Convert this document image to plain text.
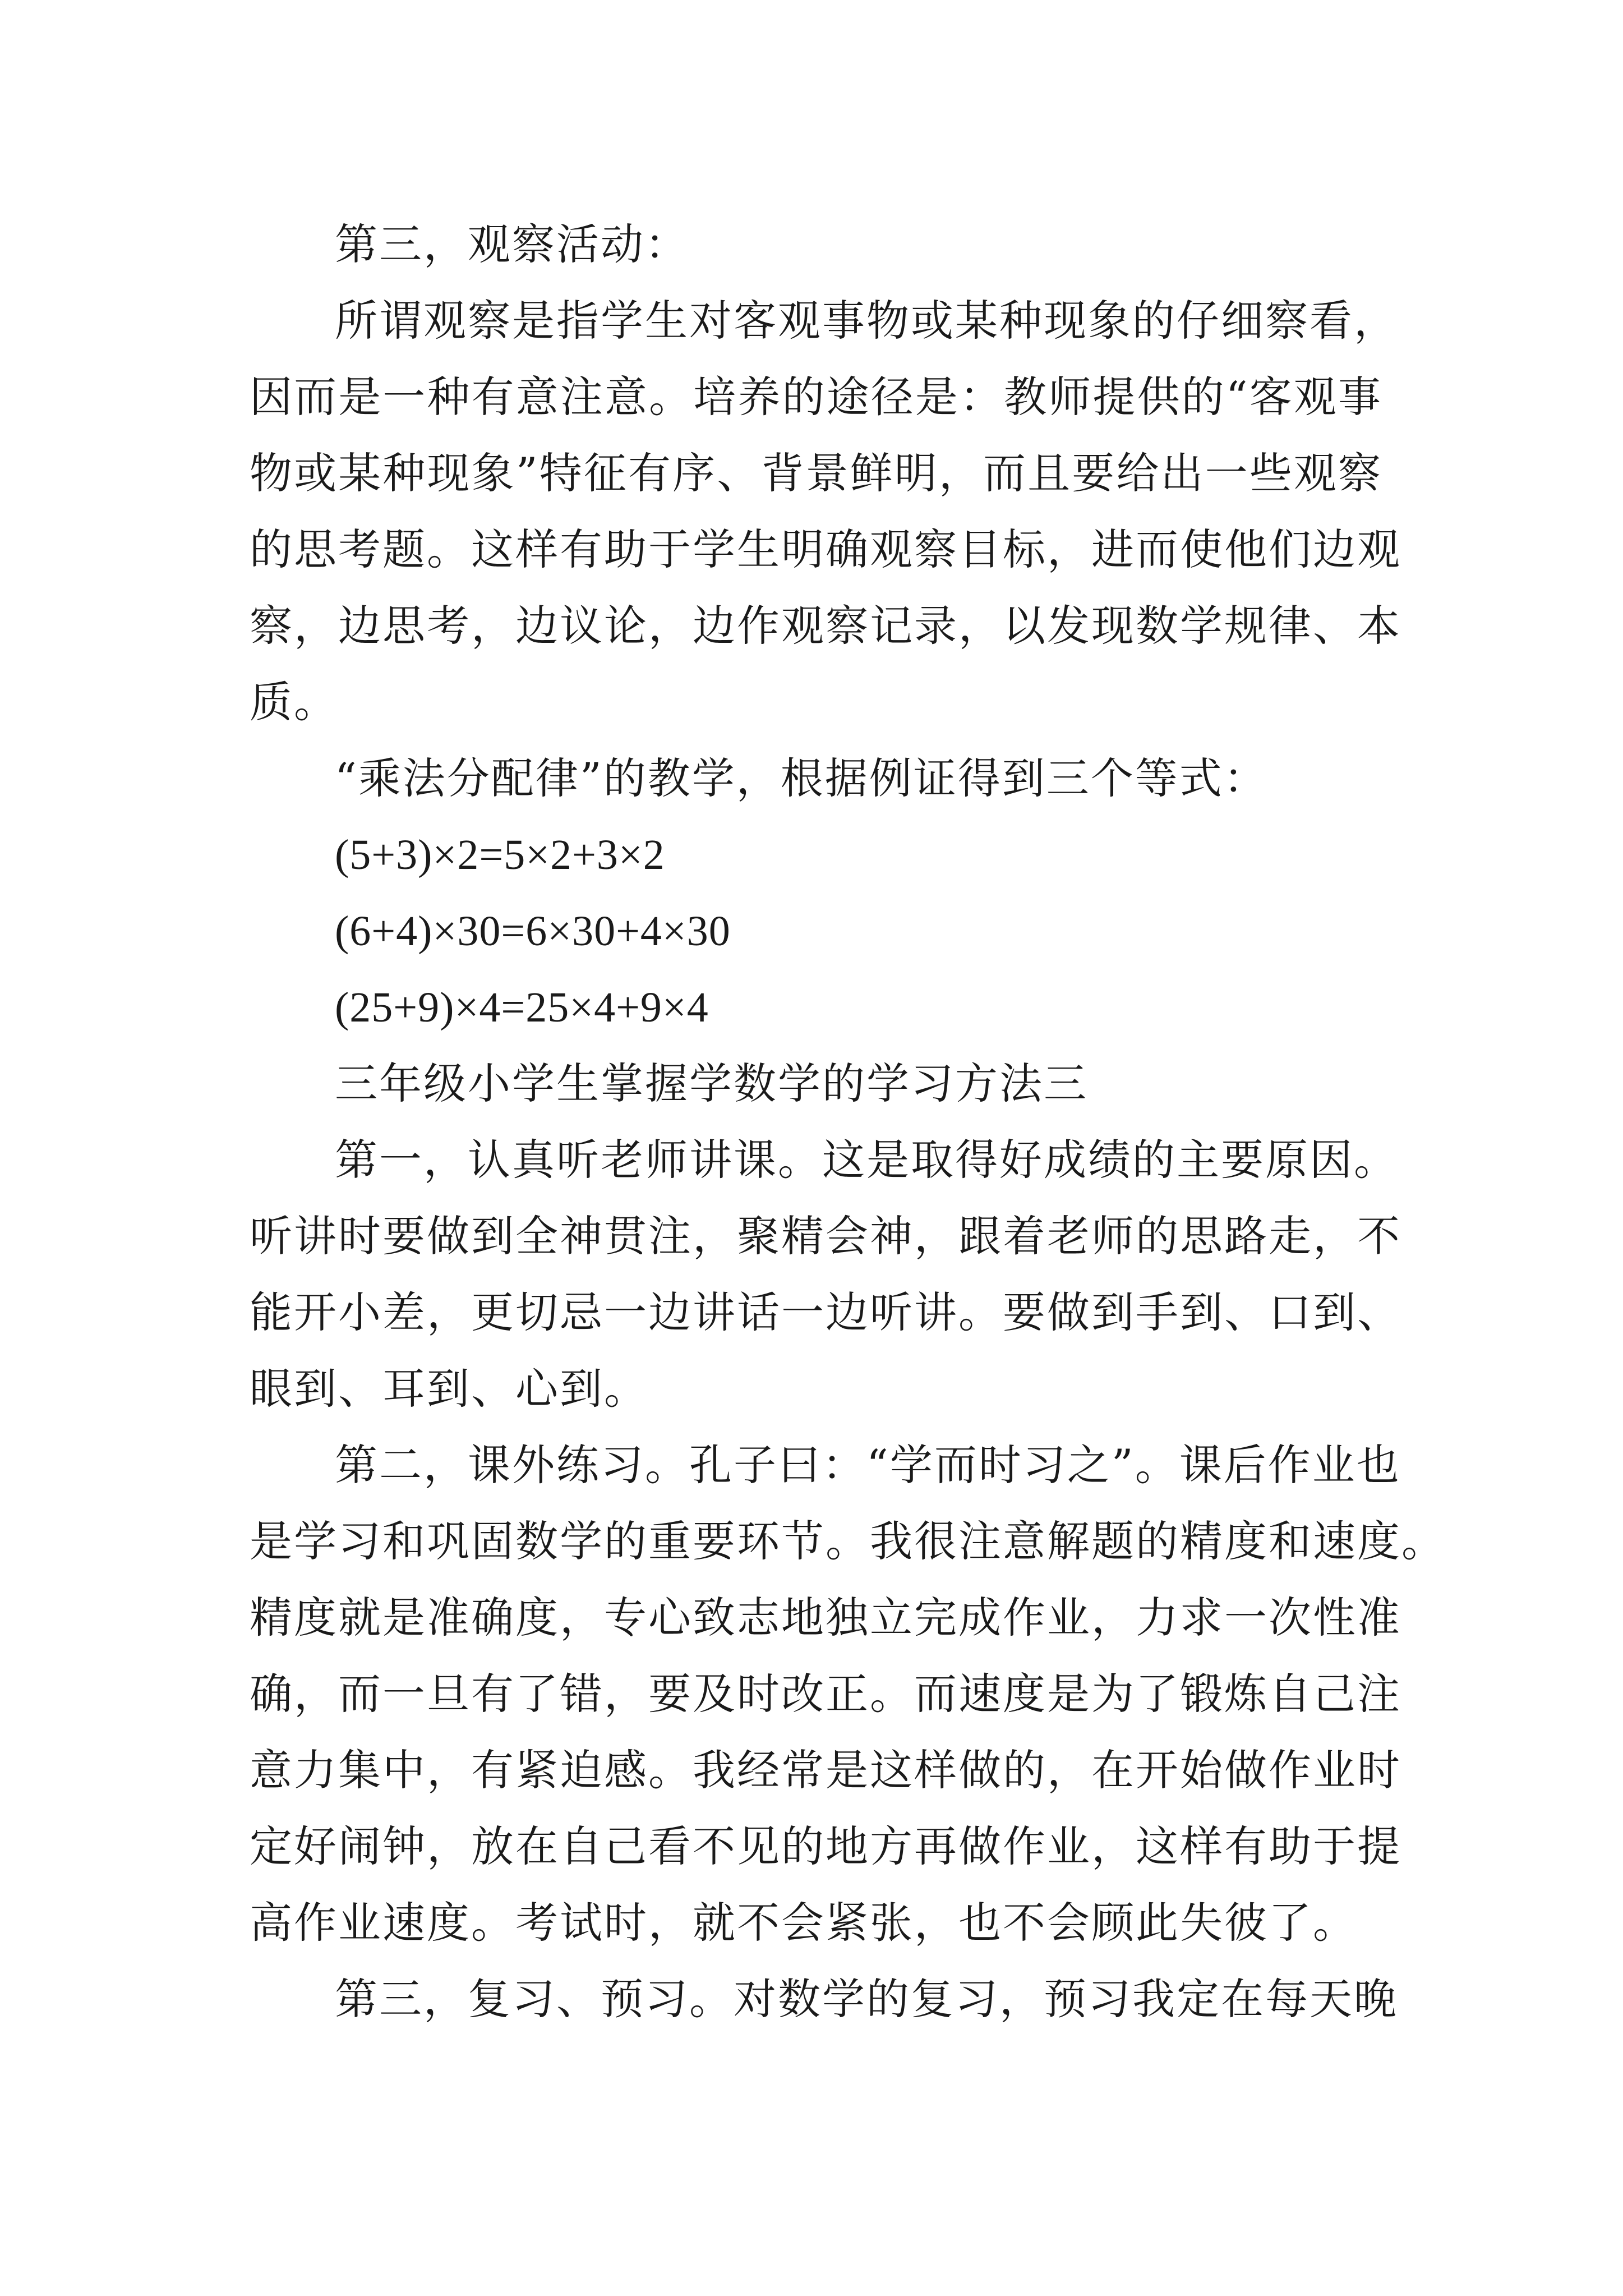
第三，观察活动：
所谓观察是指学生对客观事物或某种现象的仔细察看，
因而是一种有意注意。培养的途径是：教师提供的“客观事
物或某种现象”特征有序、背景鲜明，而且要给出一些观察
的思考题。这样有助于学生明确观察目标，进而使他们边观
察，边思考，边议论，边作观察记录，以发现数学规律、本
质。
“乘法分配律”的教学，根据例证得到三个等式：
(5+3)×2=5×2+3×2
(6+4)×30=6×30+4×30
(25+9)×4=25×4+9×4
三年级小学生掌握学数学的学习方法三
第一，认真听老师讲课。这是取得好成绩的主要原因。
听讲时要做到全神贯注，聚精会神，跟着老师的思路走，不
能开小差，更切忌一边讲话一边听讲。要做到手到、口到、
眼到、耳到、心到。
第二，课外练习。孔子曰：“学而时习之”。课后作业也
是学习和巩固数学的重要环节。我很注意解题的精度和速度。
精度就是准确度，专心致志地独立完成作业，力求一次性准
确，而一旦有了错，要及时改正。而速度是为了锻炼自己注
意力集中，有紧迫感。我经常是这样做的，在开始做作业时
定好闹钟，放在自己看不见的地方再做作业，这样有助于提
高作业速度。考试时，就不会紧张，也不会顾此失彼了。
第三，复习、预习。对数学的复习，预习我定在每天晚
